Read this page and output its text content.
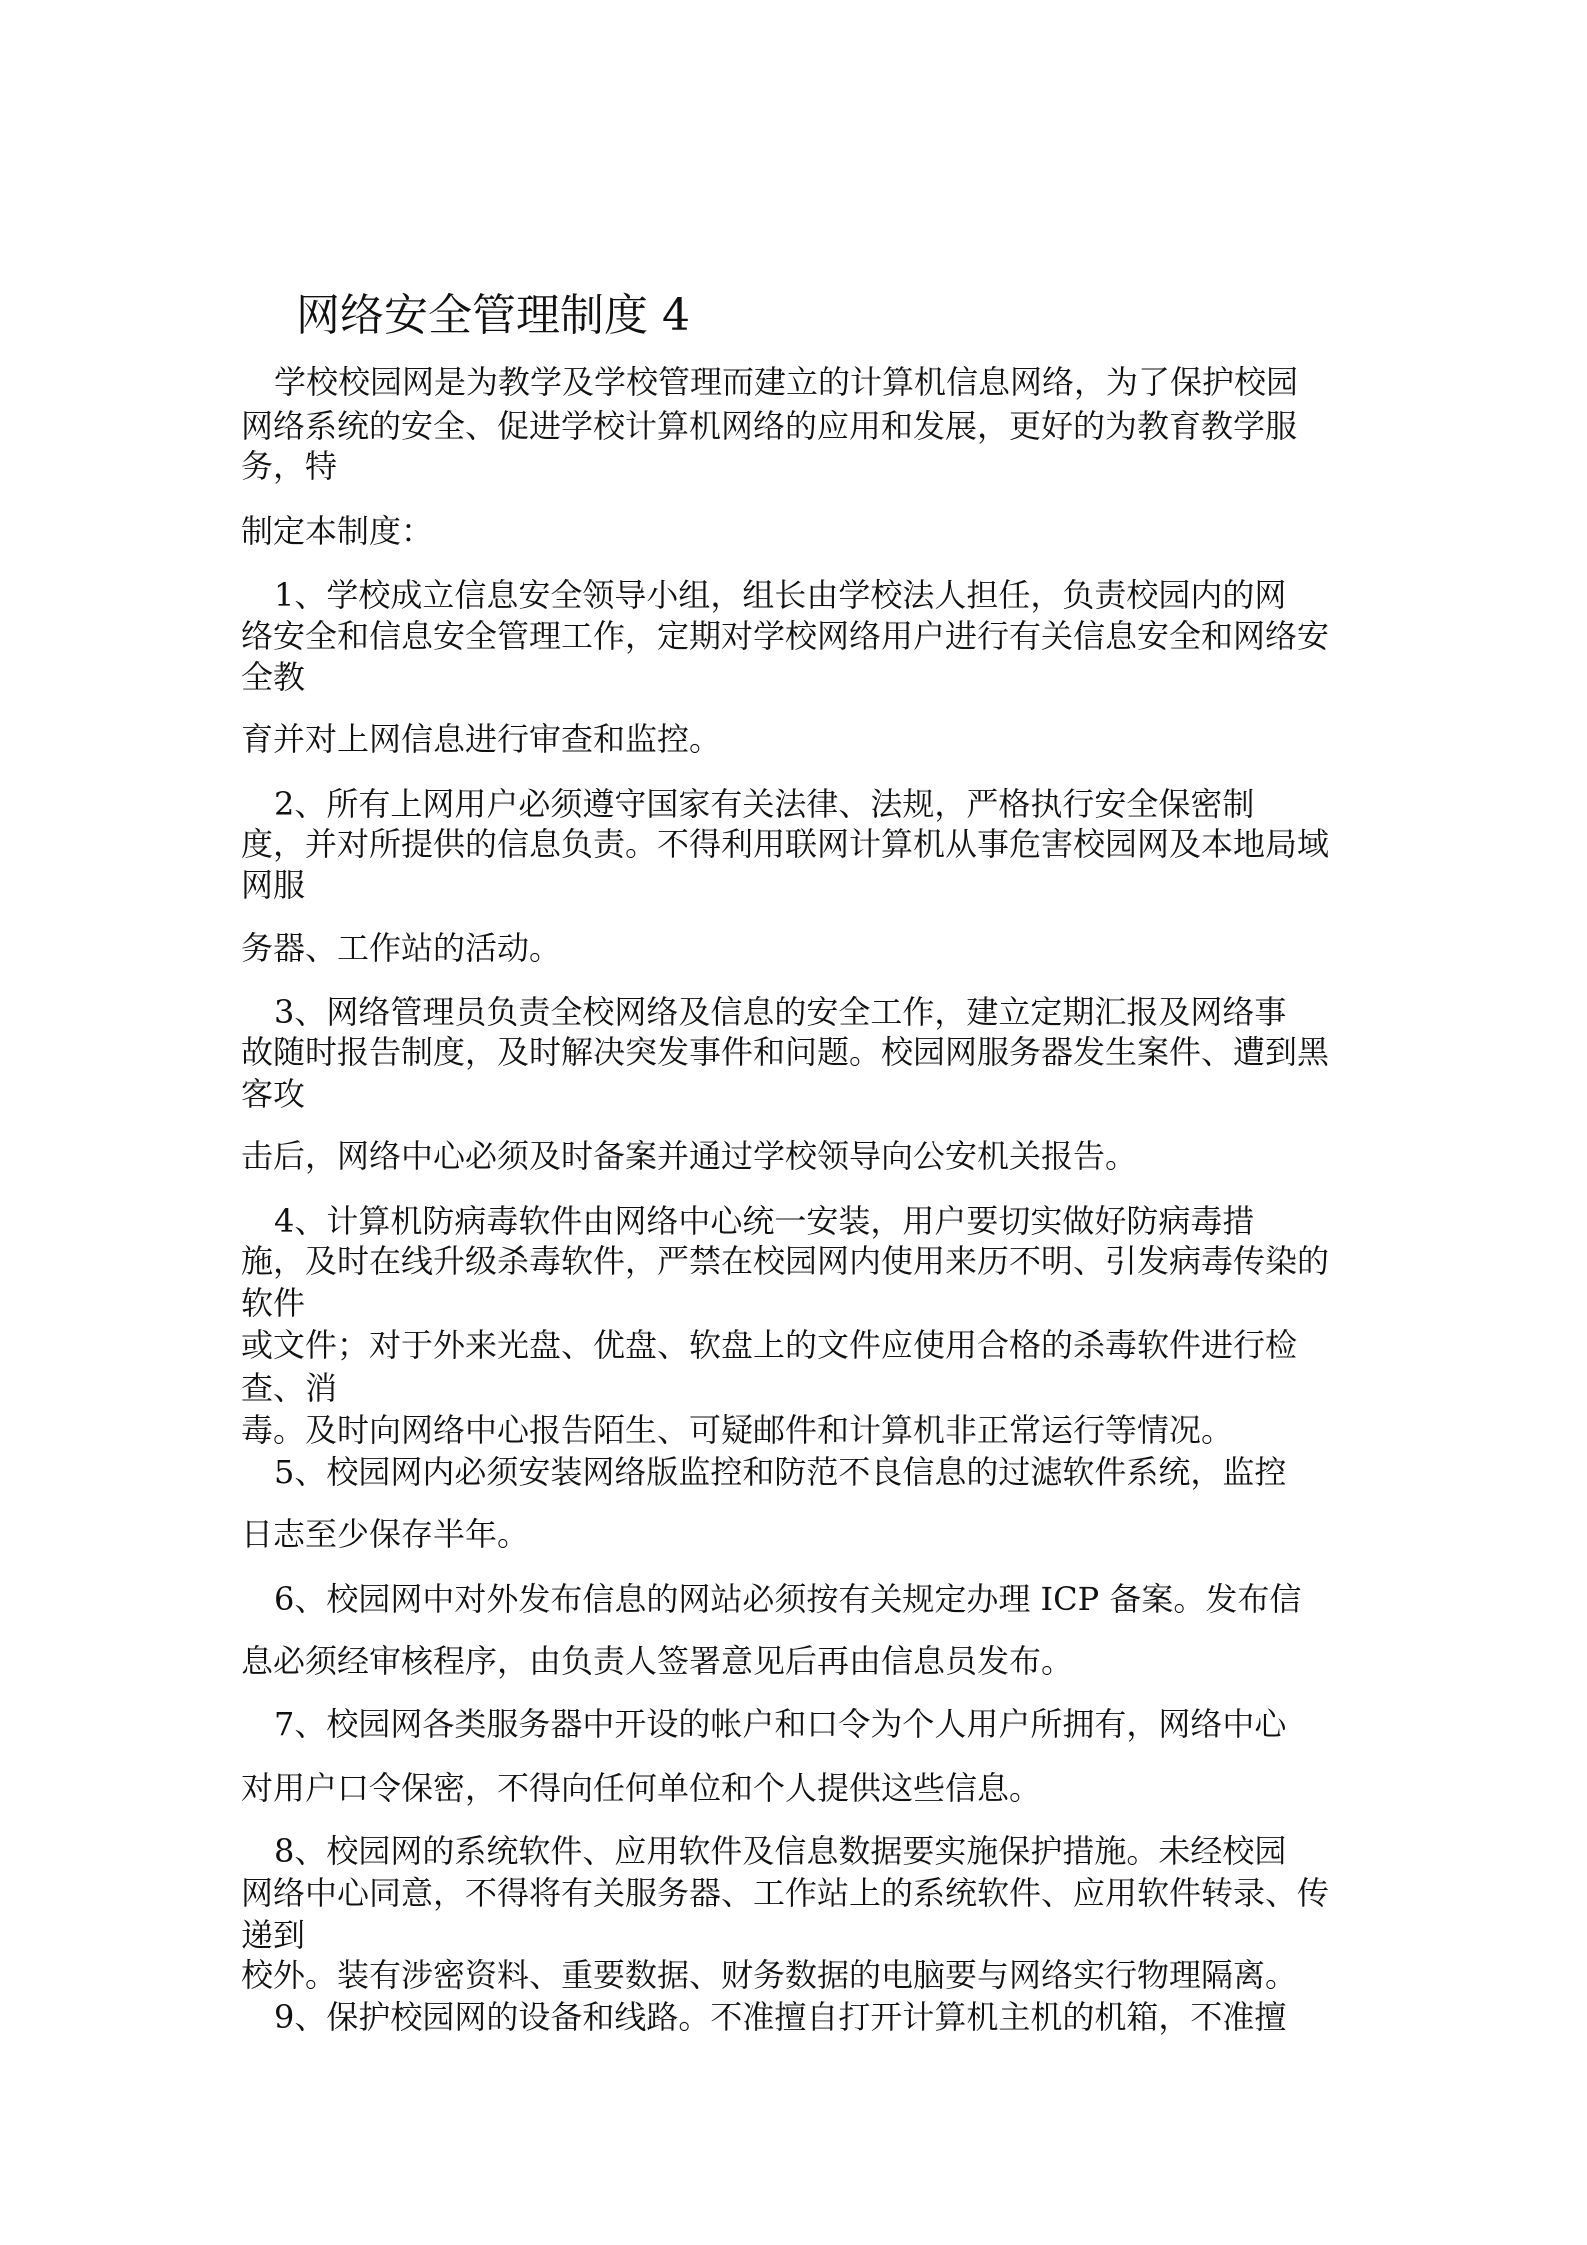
网络安全管理制度 4
学校校园网是为教学及学校管理而建立的计算机信息网络，为了保护校园
网络系统的安全、促进学校计算机网络的应用和发展，更好的为教育教学服
务，特
制定本制度：
1、学校成立信息安全领导小组，组长由学校法人担任，负责校园内的网
络安全和信息安全管理工作，定期对学校网络用户进行有关信息安全和网络安
全教
育并对上网信息进行审查和监控。
2、所有上网用户必须遵守国家有关法律、法规，严格执行安全保密制
度，并对所提供的信息负责。不得利用联网计算机从事危害校园网及本地局域
网服
务器、工作站的活动。
3、网络管理员负责全校网络及信息的安全工作，建立定期汇报及网络事
故随时报告制度，及时解决突发事件和问题。校园网服务器发生案件、遭到黑
客攻
击后，网络中心必须及时备案并通过学校领导向公安机关报告。
4、计算机防病毒软件由网络中心统一安装，用户要切实做好防病毒措
施，及时在线升级杀毒软件，严禁在校园网内使用来历不明、引发病毒传染的
软件
或文件；对于外来光盘、优盘、软盘上的文件应使用合格的杀毒软件进行检
查、消
毒。及时向网络中心报告陌生、可疑邮件和计算机非正常运行等情况。
5、校园网内必须安装网络版监控和防范不良信息的过滤软件系统，监控
日志至少保存半年。
6、校园网中对外发布信息的网站必须按有关规定办理 ICP 备案。发布信
息必须经审核程序，由负责人签署意见后再由信息员发布。
7、校园网各类服务器中开设的帐户和口令为个人用户所拥有，网络中心
对用户口令保密，不得向任何单位和个人提供这些信息。
8、校园网的系统软件、应用软件及信息数据要实施保护措施。未经校园
网络中心同意，不得将有关服务器、工作站上的系统软件、应用软件转录、传
递到
校外。装有涉密资料、重要数据、财务数据的电脑要与网络实行物理隔离。
9、保护校园网的设备和线路。不准擅自打开计算机主机的机箱，不准擅
